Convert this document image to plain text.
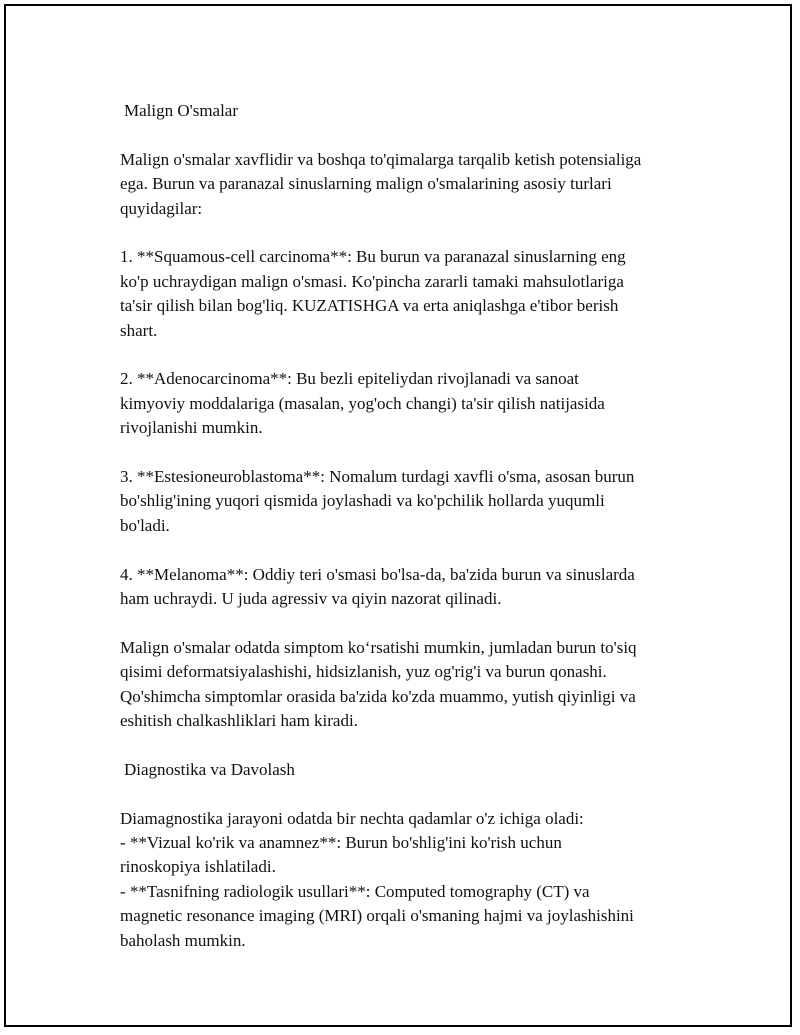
Malign O'smalar

Malign o'smalar xavflidir va boshqa to'qimalarga tarqalib ketish potensialiga
ega. Burun va paranazal sinuslarning malign o'smalarining asosiy turlari
quyidagilar:

1. **Squamous-cell carcinoma**: Bu burun va paranazal sinuslarning eng
ko'p uchraydigan malign o'smasi. Ko'pincha zararli tamaki mahsulotlariga
ta'sir qilish bilan bog'liq. KUZATISHGA va erta aniqlashga e'tibor berish
shart.

2. **Adenocarcinoma**: Bu bezli epiteliydan rivojlanadi va sanoat
kimyoviy moddalariga (masalan, yog'och changi) ta'sir qilish natijasida
rivojlanishi mumkin.

3. **Estesioneuroblastoma**: Nomalum turdagi xavfli o'sma, asosan burun
bo'shlig'ining yuqori qismida joylashadi va ko'pchilik hollarda yuqumli
bo'ladi.

4. **Melanoma**: Oddiy teri o'smasi bo'lsa-da, ba'zida burun va sinuslarda
ham uchraydi. U juda agressiv va qiyin nazorat qilinadi.

Malign o'smalar odatda simptom ko‘rsatishi mumkin, jumladan burun to'siq
qisimi deformatsiyalashishi, hidsizlanish, yuz og'rig'i va burun qonashi.
Qo'shimcha simptomlar orasida ba'zida ko'zda muammo, yutish qiyinligi va
eshitish chalkashliklari ham kiradi.

Diagnostika va Davolash

Diamagnostika jarayoni odatda bir nechta qadamlar o'z ichiga oladi:
- **Vizual ko'rik va anamnez**: Burun bo'shlig'ini ko'rish uchun
rinoskopiya ishlatiladi.
- **Tasnifning radiologik usullari**: Computed tomography (CT) va
magnetic resonance imaging (MRI) orqali o'smaning hajmi va joylashishini
baholash mumkin.
